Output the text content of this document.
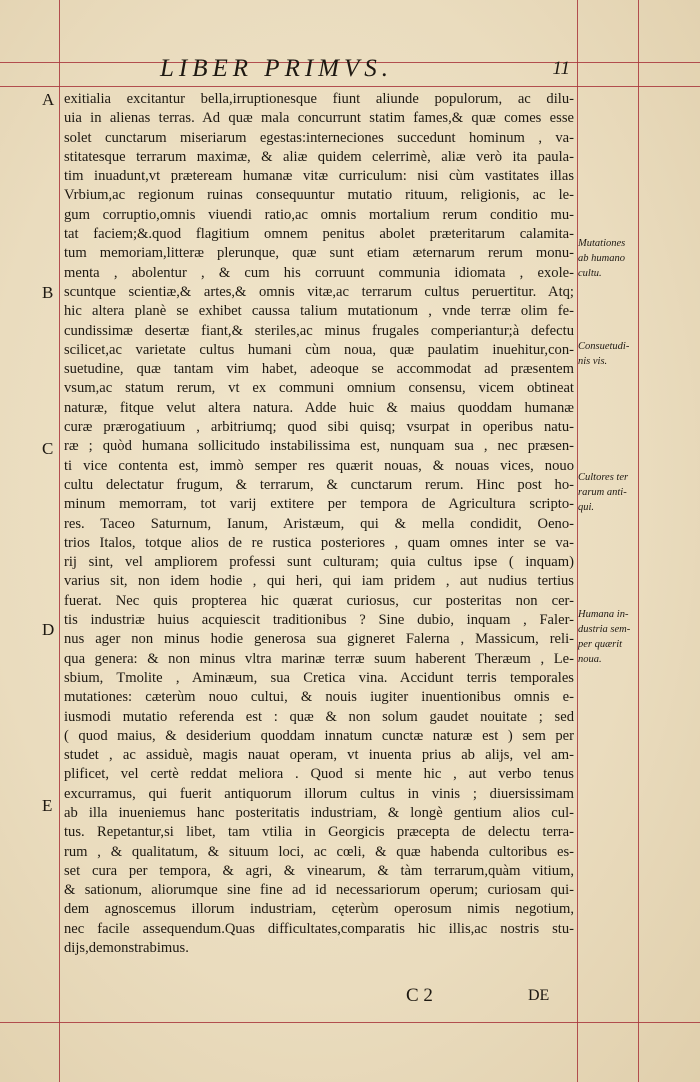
LIBER PRIMVS.	11
exitialia excitantur bella,irruptionesque fiunt aliunde populorum, ac dilu-
uia in alienas terras. Ad quæ mala concurrunt statim fames,& quæ comes esse
solet cunctarum miseriarum egestas:interneciones succedunt hominum , va-
stitatesque terrarum maximæ, & aliæ quidem celerrimè, aliæ verò ita paula-
tim inuadunt,vt præteream humanæ vitæ curriculum: nisi cùm vastitates illas
Vrbium,ac regionum ruinas consequuntur mutatio rituum, religionis, ac le-
gum corruptio,omnis viuendi ratio,ac omnis mortalium rerum conditio mu-
tat faciem;&.quod flagitium omnem penitus abolet præteritarum calamita-
tum memoriam,litteræ plerunque, quæ sunt etiam æternarum rerum monu-
menta , abolentur , & cum his corruunt communia idiomata , exole-
scuntque scientiæ,& artes,& omnis vitæ,ac terrarum cultus peruertitur. Atq;
hic altera planè se exhibet caussa talium mutationum , vnde terræ olim fe-
cundissimæ desertæ fiant,& steriles,ac minus frugales comperiantur;à defectu
scilicet,ac varietate cultus humani cùm noua, quæ paulatim inuehitur,con-
suetudine, quæ tantam vim habet, adeoque se accommodat ad præsentem
vsum,ac statum rerum, vt ex communi omnium consensu, vicem obtineat
naturæ, fitque velut altera natura. Adde huic & maius quoddam humanæ
curæ prærogatiuum , arbitriumq; quod sibi quisq; vsurpat in operibus natu-
ræ ; quòd humana sollicitudo instabilissima est, nunquam sua , nec præsen-
ti vice contenta est, immò semper res quærit nouas, & nouas vices, nouo
cultu delectatur frugum, & terrarum, & cunctarum rerum. Hinc post ho-
minum memorram, tot varij extitere per tempora de Agricultura scripto-
res. Taceo Saturnum, Ianum, Aristæum, qui & mella condidit, Oeno-
trios Italos, totque alios de re rustica posteriores , quam omnes inter se va-
rij sint, vel ampliorem professi sunt culturam; quia cultus ipse ( inquam)
varius sit, non idem hodie , qui heri, qui iam pridem , aut nudius tertius
fuerat. Nec quis propterea hic quærat curiosus, cur posteritas non cer-
tis industriæ huius acquiescit traditionibus ? Sine dubio, inquam , Faler-
nus ager non minus hodie generosa sua gigneret Falerna , Massicum, reli-
qua genera: & non minus vltra marinæ terræ suum haberent Theræum , Le-
sbium, Tmolite , Aminæum, sua Cretica vina. Accidunt terris temporales
mutationes: cæterùm nouo cultui, & nouis iugiter inuentionibus omnis e-
iusmodi mutatio referenda est : quæ & non solum gaudet nouitate ; sed
( quod maius, & desiderium quoddam innatum cunctæ naturæ est ) sem per
studet , ac assiduè, magis nauat operam, vt inuenta prius ab alijs, vel am-
plificet, vel certè reddat meliora . Quod si mente hic , aut verbo tenus
excurramus, qui fuerit antiquorum illorum cultus in vinis ; diuersissimam
ab illa inueniemus hanc posteritatis industriam, & longè gentium alios cul-
tus. Repetantur,si libet, tam vtilia in Georgicis præcepta de delectu terra-
rum , & qualitatum, & situum loci, ac cœli, & quæ habenda cultoribus es-
set cura per tempora, & agri, & vinearum, & tàm terrarum,quàm vitium,
& sationum, aliorumque sine fine ad id necessariorum operum; curiosam qui-
dem agnoscemus illorum industriam, cęterùm operosum nimis negotium,
nec facile assequendum.Quas difficultates,comparatis hic illis,ac nostris stu-
dijs,demonstrabimus.
A
B
C
D
E
Mutationes
ab humano
cultu.
Consuetudi-
nis vis.
Cultores ter
rarum anti-
qui.
Humana in-
dustria sem-
per quærit
noua.
C 2	DE
